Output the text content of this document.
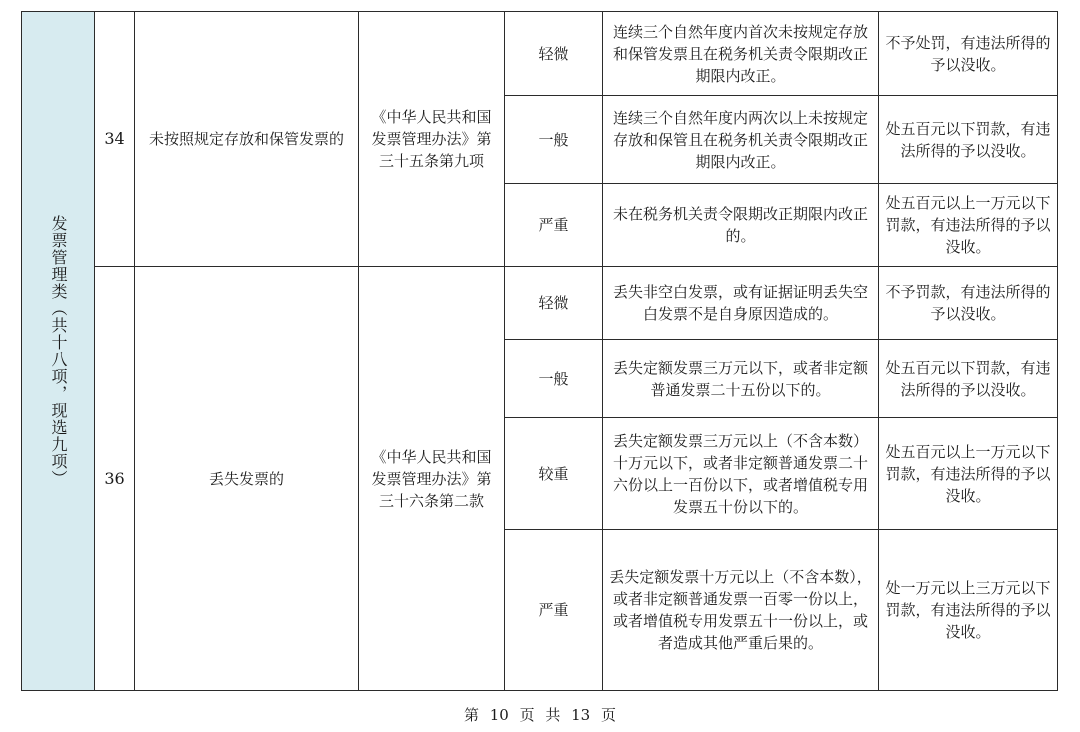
发票管理类（共十八项，现选九项）	34	未按照规定存放和保管发票的	《中华人民共和国发票管理办法》第三十五条第九项	轻微	连续三个自然年度内首次未按规定存放和保管发票且在税务机关责令限期改正期限内改正。	不予处罚，有违法所得的予以没收。
				一般	连续三个自然年度内两次以上未按规定存放和保管且在税务机关责令限期改正期限内改正。	处五百元以下罚款，有违法所得的予以没收。
				严重	未在税务机关责令限期改正期限内改正的。	处五百元以上一万元以下罚款，有违法所得的予以没收。
	36	丢失发票的	《中华人民共和国发票管理办法》第三十六条第二款	轻微	丢失非空白发票，或有证据证明丢失空白发票不是自身原因造成的。	不予罚款，有违法所得的予以没收。
				一般	丢失定额发票三万元以下，或者非定额普通发票二十五份以下的。	处五百元以下罚款，有违法所得的予以没收。
				较重	丢失定额发票三万元以上（不含本数）十万元以下，或者非定额普通发票二十六份以上一百份以下，或者增值税专用发票五十份以下的。	处五百元以上一万元以下罚款，有违法所得的予以没收。
				严重	丢失定额发票十万元以上（不含本数），或者非定额普通发票一百零一份以上，或者增值税专用发票五十一份以上，或者造成其他严重后果的。	处一万元以上三万元以下罚款，有违法所得的予以没收。
第 10 页 共 13 页
